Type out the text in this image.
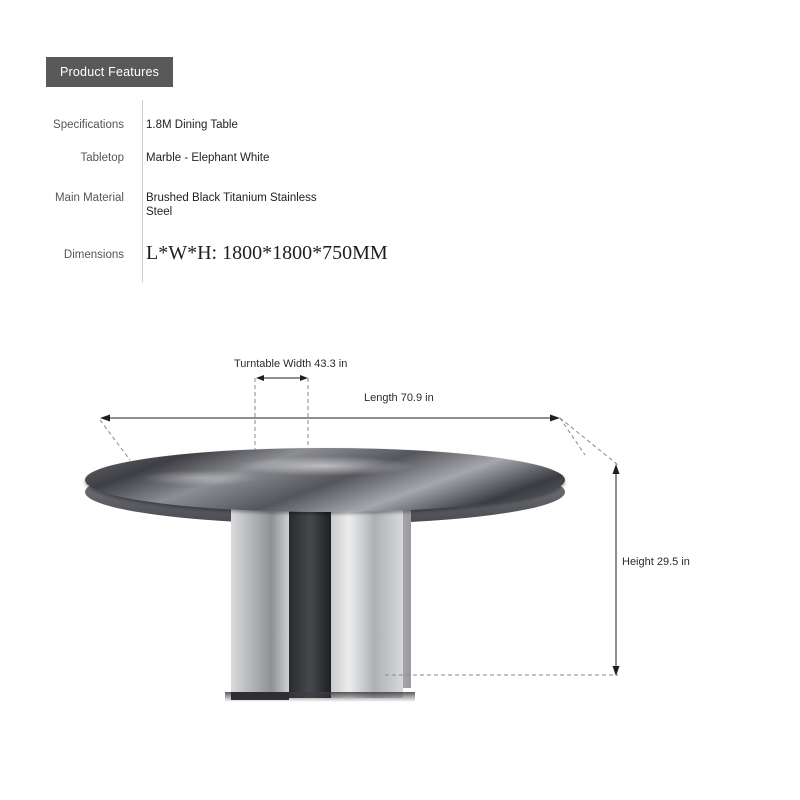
Product Features
Specifications 1.8M Dining Table
Tabletop Marble - Elephant White
Main Material Brushed Black Titanium Stainless Steel
Dimensions L*W*H: 1800*1800*750MM
Turntable Width 43.3 in
Length 70.9 in
Height 29.5 in
